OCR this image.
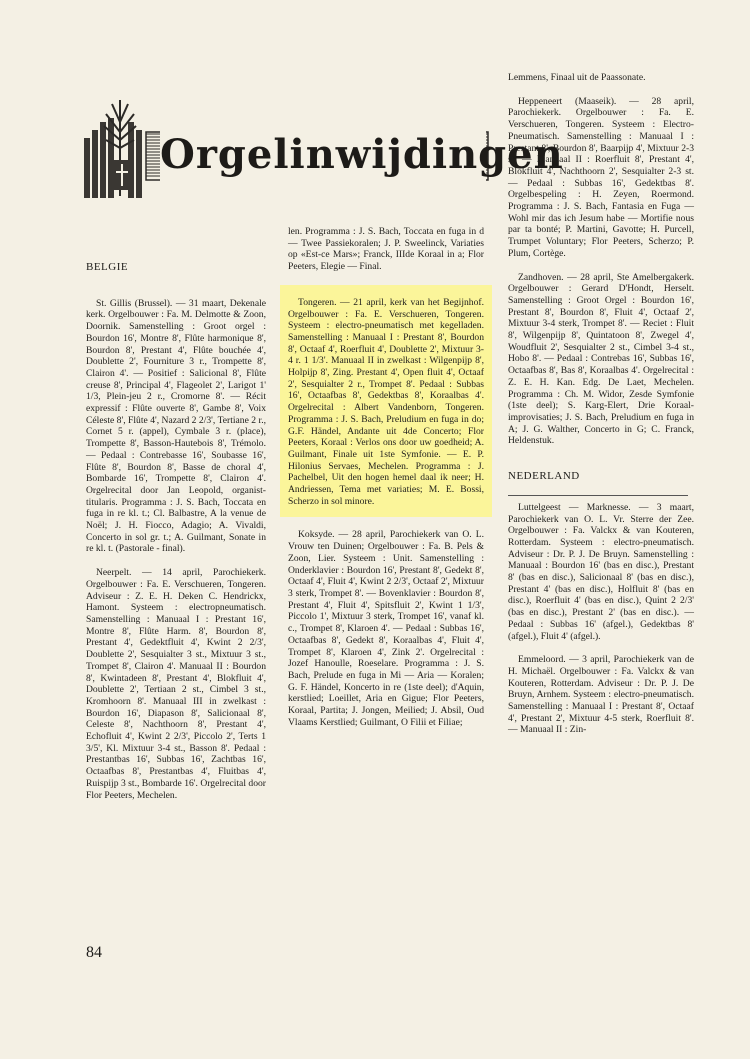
Orgelinwijdingen

BELGIE

St. Gillis (Brussel). — 31 maart, Dekenale kerk. Orgelbouwer : Fa. M. Delmotte & Zoon, Doornik. Samenstelling : Groot orgel : Bourdon 16', Montre 8', Flûte harmonique 8', Bourdon 8', Prestant 4', Flûte bouchée 4', Doublette 2', Fourniture 3 r., Trompette 8', Clairon 4'. — Positief : Salicional 8', Flûte creuse 8', Principal 4', Flageolet 2', Larigot 1' 1/3, Plein-jeu 2 r., Cromorne 8'. — Récit expressif : Flûte ouverte 8', Gambe 8', Voix Céleste 8', Flûte 4', Nazard 2 2/3', Tertiane 2 r., Cornet 5 r. (appel), Cymbale 3 r. (place), Trompette 8', Basson-Hautebois 8', Trémolo. — Pedaal : Contrebasse 16', Soubasse 16', Flûte 8', Bourdon 8', Basse de choral 4', Bombarde 16', Trompette 8', Clairon 4'. Orgelrecital door Jan Leopold, organist-titularis. Programma : J. S. Bach, Toccata en fuga in re kl. t.; Cl. Balbastre, A la venue de Noël; J. H. Fiocco, Adagio; A. Vivaldi, Concerto in sol gr. t.; A. Guilmant, Sonate in re kl. t. (Pastorale - final).

Neerpelt. — 14 april, Parochiekerk. Orgelbouwer : Fa. E. Verschueren, Tongeren. Adviseur : Z. E. H. Deken C. Hendrickx, Hamont. Systeem : electropneumatisch. Samenstelling : Manuaal I : Prestant 16', Montre 8', Flûte Harm. 8', Bourdon 8', Prestant 4', Gedektfluit 4', Kwint 2 2/3', Doublette 2', Sesquialter 3 st., Mixtuur 3 st., Trompet 8', Clairon 4'. Manuaal II : Bourdon 8', Kwintadeen 8', Prestant 4', Blokfluit 4', Doublette 2', Tertiaan 2 st., Cimbel 3 st., Kromhoorn 8'. Manuaal III in zwelkast : Bourdon 16', Diapason 8', Salicionaal 8', Celeste 8', Nachthoorn 8', Prestant 4', Echofluit 4', Kwint 2 2/3', Piccolo 2', Terts 1 3/5', Kl. Mixtuur 3-4 st., Basson 8'. Pedaal : Prestantbas 16', Subbas 16', Zachtbas 16', Octaafbas 8', Prestantbas 4', Fluitbas 4', Ruispijp 3 st., Bombarde 16'. Orgelrecital door Flor Peeters, Mechelen.

len. Programma : J. S. Bach, Toccata en fuga in d — Twee Passiekoralen; J. P. Sweelinck, Variaties op «Est-ce Mars»; Franck, IIIde Koraal in a; Flor Peeters, Elegie — Final.

Tongeren. — 21 april, kerk van het Begijnhof. Orgelbouwer : Fa. E. Verschueren, Tongeren. Systeem : electro-pneumatisch met kegelladen. Samenstelling : Manuaal I : Prestant 8', Bourdon 8', Octaaf 4', Roerfluit 4', Doublette 2', Mixtuur 3-4 r. 1 1/3'. Manuaal II in zwelkast : Wilgenpijp 8', Holpijp 8', Zing. Prestant 4', Open fluit 4', Octaaf 2', Sesquialter 2 r., Trompet 8'. Pedaal : Subbas 16', Octaafbas 8', Gedektbas 8', Koraalbas 4'. Orgelrecital : Albert Vandenborn, Tongeren. Programma : J. S. Bach, Preludium en fuga in do; G.F. Händel, Andante uit 4de Concerto; Flor Peeters, Koraal : Verlos ons door uw goedheid; A. Guilmant, Finale uit 1ste Symfonie. — E. P. Hilonius Servaes, Mechelen. Programma : J. Pachelbel, Uit den hogen hemel daal ik neer; H. Andriessen, Tema met variaties; M. E. Bossi, Scherzo in sol minore.

Koksyde. — 28 april, Parochiekerk van O. L. Vrouw ten Duinen; Orgelbouwer : Fa. B. Pels & Zoon, Lier. Systeem : Unit. Samenstelling : Onderklavier : Bourdon 16', Prestant 8', Gedekt 8', Octaaf 4', Fluit 4', Kwint 2 2/3', Octaaf 2', Mixtuur 3 sterk, Trompet 8'. — Bovenklavier : Bourdon 8', Prestant 4', Fluit 4', Spitsfluit 2', Kwint 1 1/3', Piccolo 1', Mixtuur 3 sterk, Trompet 16', vanaf kl. c., Trompet 8', Klaroen 4'. — Pedaal : Subbas 16', Octaafbas 8', Gedekt 8', Koraalbas 4', Fluit 4', Trompet 8', Klaroen 4', Zink 2'. Orgelrecital : Jozef Hanoulle, Roeselare. Programma : J. S. Bach, Prelude en fuga in Mi — Aria — Koralen; G. F. Händel, Koncerto in re (1ste deel); d'Aquin, kerstlied; Loeillet, Aria en Gigue; Flor Peeters, Koraal, Partita; J. Jongen, Meilied; J. Absil, Oud Vlaams Kerstlied; Guilmant, O Filii et Filiae;

Lemmens, Finaal uit de Paassonate.

Heppeneert (Maaseik). — 28 april, Parochiekerk. Orgelbouwer : Fa. E. Verschueren, Tongeren. Systeem : Electro-Pneumatisch. Samenstelling : Manuaal I : Prestant 8', Bourdon 8', Baarpijp 4', Mixtuur 2-3 st. — Manuaal II : Roerfluit 8', Prestant 4', Blokfluit 4', Nachthoorn 2', Sesquialter 2-3 st. — Pedaal : Subbas 16', Gedektbas 8'. Orgelbespeling : H. Zeyen, Roermond. Programma : J. S. Bach, Fantasia en Fuga — Wohl mir das ich Jesum habe — Mortifie nous par ta bonté; P. Martini, Gavotte; H. Purcell, Trumpet Voluntary; Flor Peeters, Scherzo; P. Plum, Cortège.

Zandhoven. — 28 april, Ste Amelbergakerk. Orgelbouwer : Gerard D'Hondt, Herselt. Samenstelling : Groot Orgel : Bourdon 16', Prestant 8', Bourdon 8', Fluit 4', Octaaf 2', Mixtuur 3-4 sterk, Trompet 8'. — Reciet : Fluit 8', Wilgenpijp 8', Quintatoon 8', Zwegel 4', Woudfluit 2', Sesquialter 2 st., Cimbel 3-4 st., Hobo 8'. — Pedaal : Contrebas 16', Subbas 16', Octaafbas 8', Bas 8', Koraalbas 4'. Orgelrecital : Z. E. H. Kan. Edg. De Laet, Mechelen. Programma : Ch. M. Widor, Zesde Symfonie (1ste deel); S. Karg-Elert, Drie Koraal-improvisaties; J. S. Bach, Preludium en fuga in A; J. G. Walther, Concerto in G; C. Franck, Heldenstuk.

NEDERLAND

Luttelgeest — Marknesse. — 3 maart, Parochiekerk van O. L. Vr. Sterre der Zee. Orgelbouwer : Fa. Valckx & van Kouteren, Rotterdam. Systeem : electro-pneumatisch. Adviseur : Dr. P. J. De Bruyn. Samenstelling : Manuaal : Bourdon 16' (bas en disc.), Prestant 8' (bas en disc.), Salicionaal 8' (bas en disc.), Prestant 4' (bas en disc.), Holfluit 8' (bas en disc.), Roerfluit 4' (bas en disc.), Quint 2 2/3' (bas en disc.), Prestant 2' (bas en disc.). — Pedaal : Subbas 16' (afgel.), Gedektbas 8' (afgel.), Fluit 4' (afgel.).

Emmeloord. — 3 april, Parochiekerk van de H. Michaël. Orgelbouwer : Fa. Valckx & van Kouteren, Rotterdam. Adviseur : Dr. P. J. De Bruyn, Arnhem. Systeem : electro-pneumatisch. Samenstelling : Manuaal I : Prestant 8', Octaaf 4', Prestant 2', Mixtuur 4-5 sterk, Roerfluit 8'. — Manuaal II : Zin-

84
